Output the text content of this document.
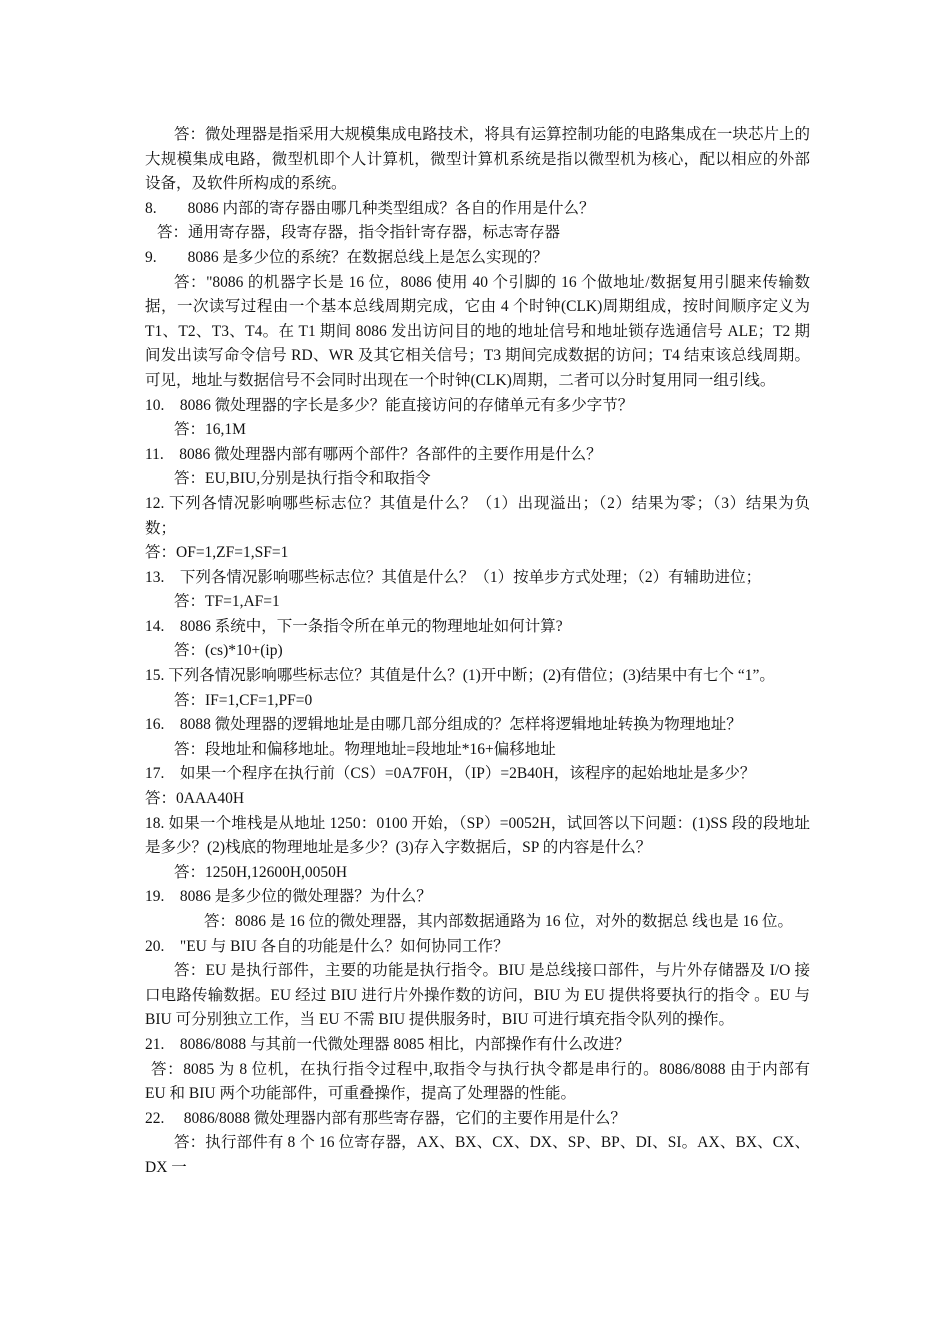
答：微处理器是指采用大规模集成电路技术，将具有运算控制功能的电路集成在一块芯片上的大规模集成电路，微型机即个人计算机，微型计算机系统是指以微型机为核心，配以相应的外部设备，及软件所构成的系统。

8.        8086 内部的寄存器由哪几种类型组成？各自的作用是什么？

答：通用寄存器，段寄存器，指令指针寄存器，标志寄存器

9.        8086 是多少位的系统？在数据总线上是怎么实现的？

答："8086 的机器字长是 16 位，8086 使用 40 个引脚的 16 个做地址/数据复用引腿来传输数据，一次读写过程由一个基本总线周期完成，它由 4 个时钟(CLK)周期组成，按时间顺序定义为 T1、T2、T3、T4。在 T1 期间 8086 发出访问目的地的地址信号和地址锁存选通信号 ALE；T2 期间发出读写命令信号 RD、WR 及其它相关信号；T3 期间完成数据的访问；T4 结束该总线周期。可见，地址与数据信号不会同时出现在一个时钟(CLK)周期，二者可以分时复用同一组引线。

10.    8086 微处理器的字长是多少？能直接访问的存储单元有多少字节？

答：16,1M

11.    8086 微处理器内部有哪两个部件？各部件的主要作用是什么？

答：EU,BIU,分别是执行指令和取指令

12. 下列各情况影响哪些标志位？其值是什么？（1）出现溢出；（2）结果为零；（3）结果为负数；

答：OF=1,ZF=1,SF=1

13.    下列各情况影响哪些标志位？其值是什么？（1）按单步方式处理；（2）有辅助进位；

答：TF=1,AF=1

14.    8086 系统中，下一条指令所在单元的物理地址如何计算?

答：(cs)*10+(ip)

15. 下列各情况影响哪些标志位？其值是什么？(1)开中断；(2)有借位；(3)结果中有七个 “1”。

答：IF=1,CF=1,PF=0

16.    8088 微处理器的逻辑地址是由哪几部分组成的？怎样将逻辑地址转换为物理地址？

答：段地址和偏移地址。物理地址=段地址*16+偏移地址

17.    如果一个程序在执行前（CS）=0A7F0H，（IP）=2B40H，该程序的起始地址是多少？

答：0AAA40H

18. 如果一个堆栈是从地址 1250：0100 开始，（SP）=0052H，试回答以下问题：(1)SS 段的段地址是多少？(2)栈底的物理地址是多少？(3)存入字数据后，SP 的内容是什么？

答：1250H,12600H,0050H

19.    8086 是多少位的微处理器？为什么？

答：8086 是 16 位的微处理器，其内部数据通路为 16 位，对外的数据总 线也是 16 位。

20.    "EU 与 BIU 各自的功能是什么？如何协同工作？

答：EU 是执行部件，主要的功能是执行指令。BIU 是总线接口部件，与片外存储器及 I/O 接口电路传输数据。EU 经过 BIU 进行片外操作数的访问，BIU 为 EU 提供将要执行的指令 。EU 与 BIU 可分别独立工作，当 EU 不需 BIU 提供服务时，BIU 可进行填充指令队列的操作。

21.    8086/8088 与其前一代微处理器 8085 相比，内部操作有什么改进？

答：8085 为 8 位机，在执行指令过程中,取指令与执行执令都是串行的。8086/8088 由于内部有 EU 和 BIU 两个功能部件，可重叠操作，提高了处理器的性能。

22.     8086/8088 微处理器内部有那些寄存器，它们的主要作用是什么？

答：执行部件有 8 个 16 位寄存器，AX、BX、CX、DX、SP、BP、DI、SI。AX、BX、CX、DX 一
